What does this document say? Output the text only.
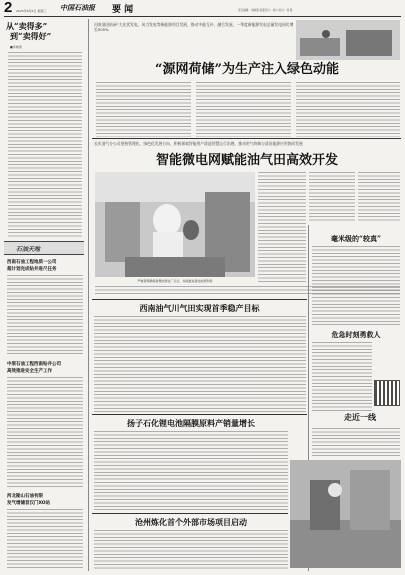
2 2025年8月6日 星期三 中国石油报 要 闻	责任编辑：刘晓燕 版面设计：刘兴 校对：刘 强
从“卖得多”
到“卖得好”
■李晓燕
石油天地
西南石油工程地质一公司
超计划完成钻井进尺任务
中原石油工程西南钻井公司
高效推进安全生产工作
河北勘山石油有限
发气增储首汉门XO站
河南油田钻研“大光伏发电、风力发电等新能源项目发展，推动多能互补、融合发展，一季度新能源发电总量发电同比增长505%
“源网荷储”为生产注入绿色动能
长庆油气分公司坚持管理化、绿色化发展方向，积极探索智能用户改造智慧运行治理，推动用气终端与清洁能源应用协同发展
智能微电网赋能油气田高效开发
严格管理确保智慧能源在厂运行，持续推进清洁能源利用
毫米级的“较真”
危急时刻勇救人
走近一线
西南油气川气田实现首季稳产目标
扬子石化锂电池隔膜原料产销量增长
沧州炼化首个外部市场项目启动
